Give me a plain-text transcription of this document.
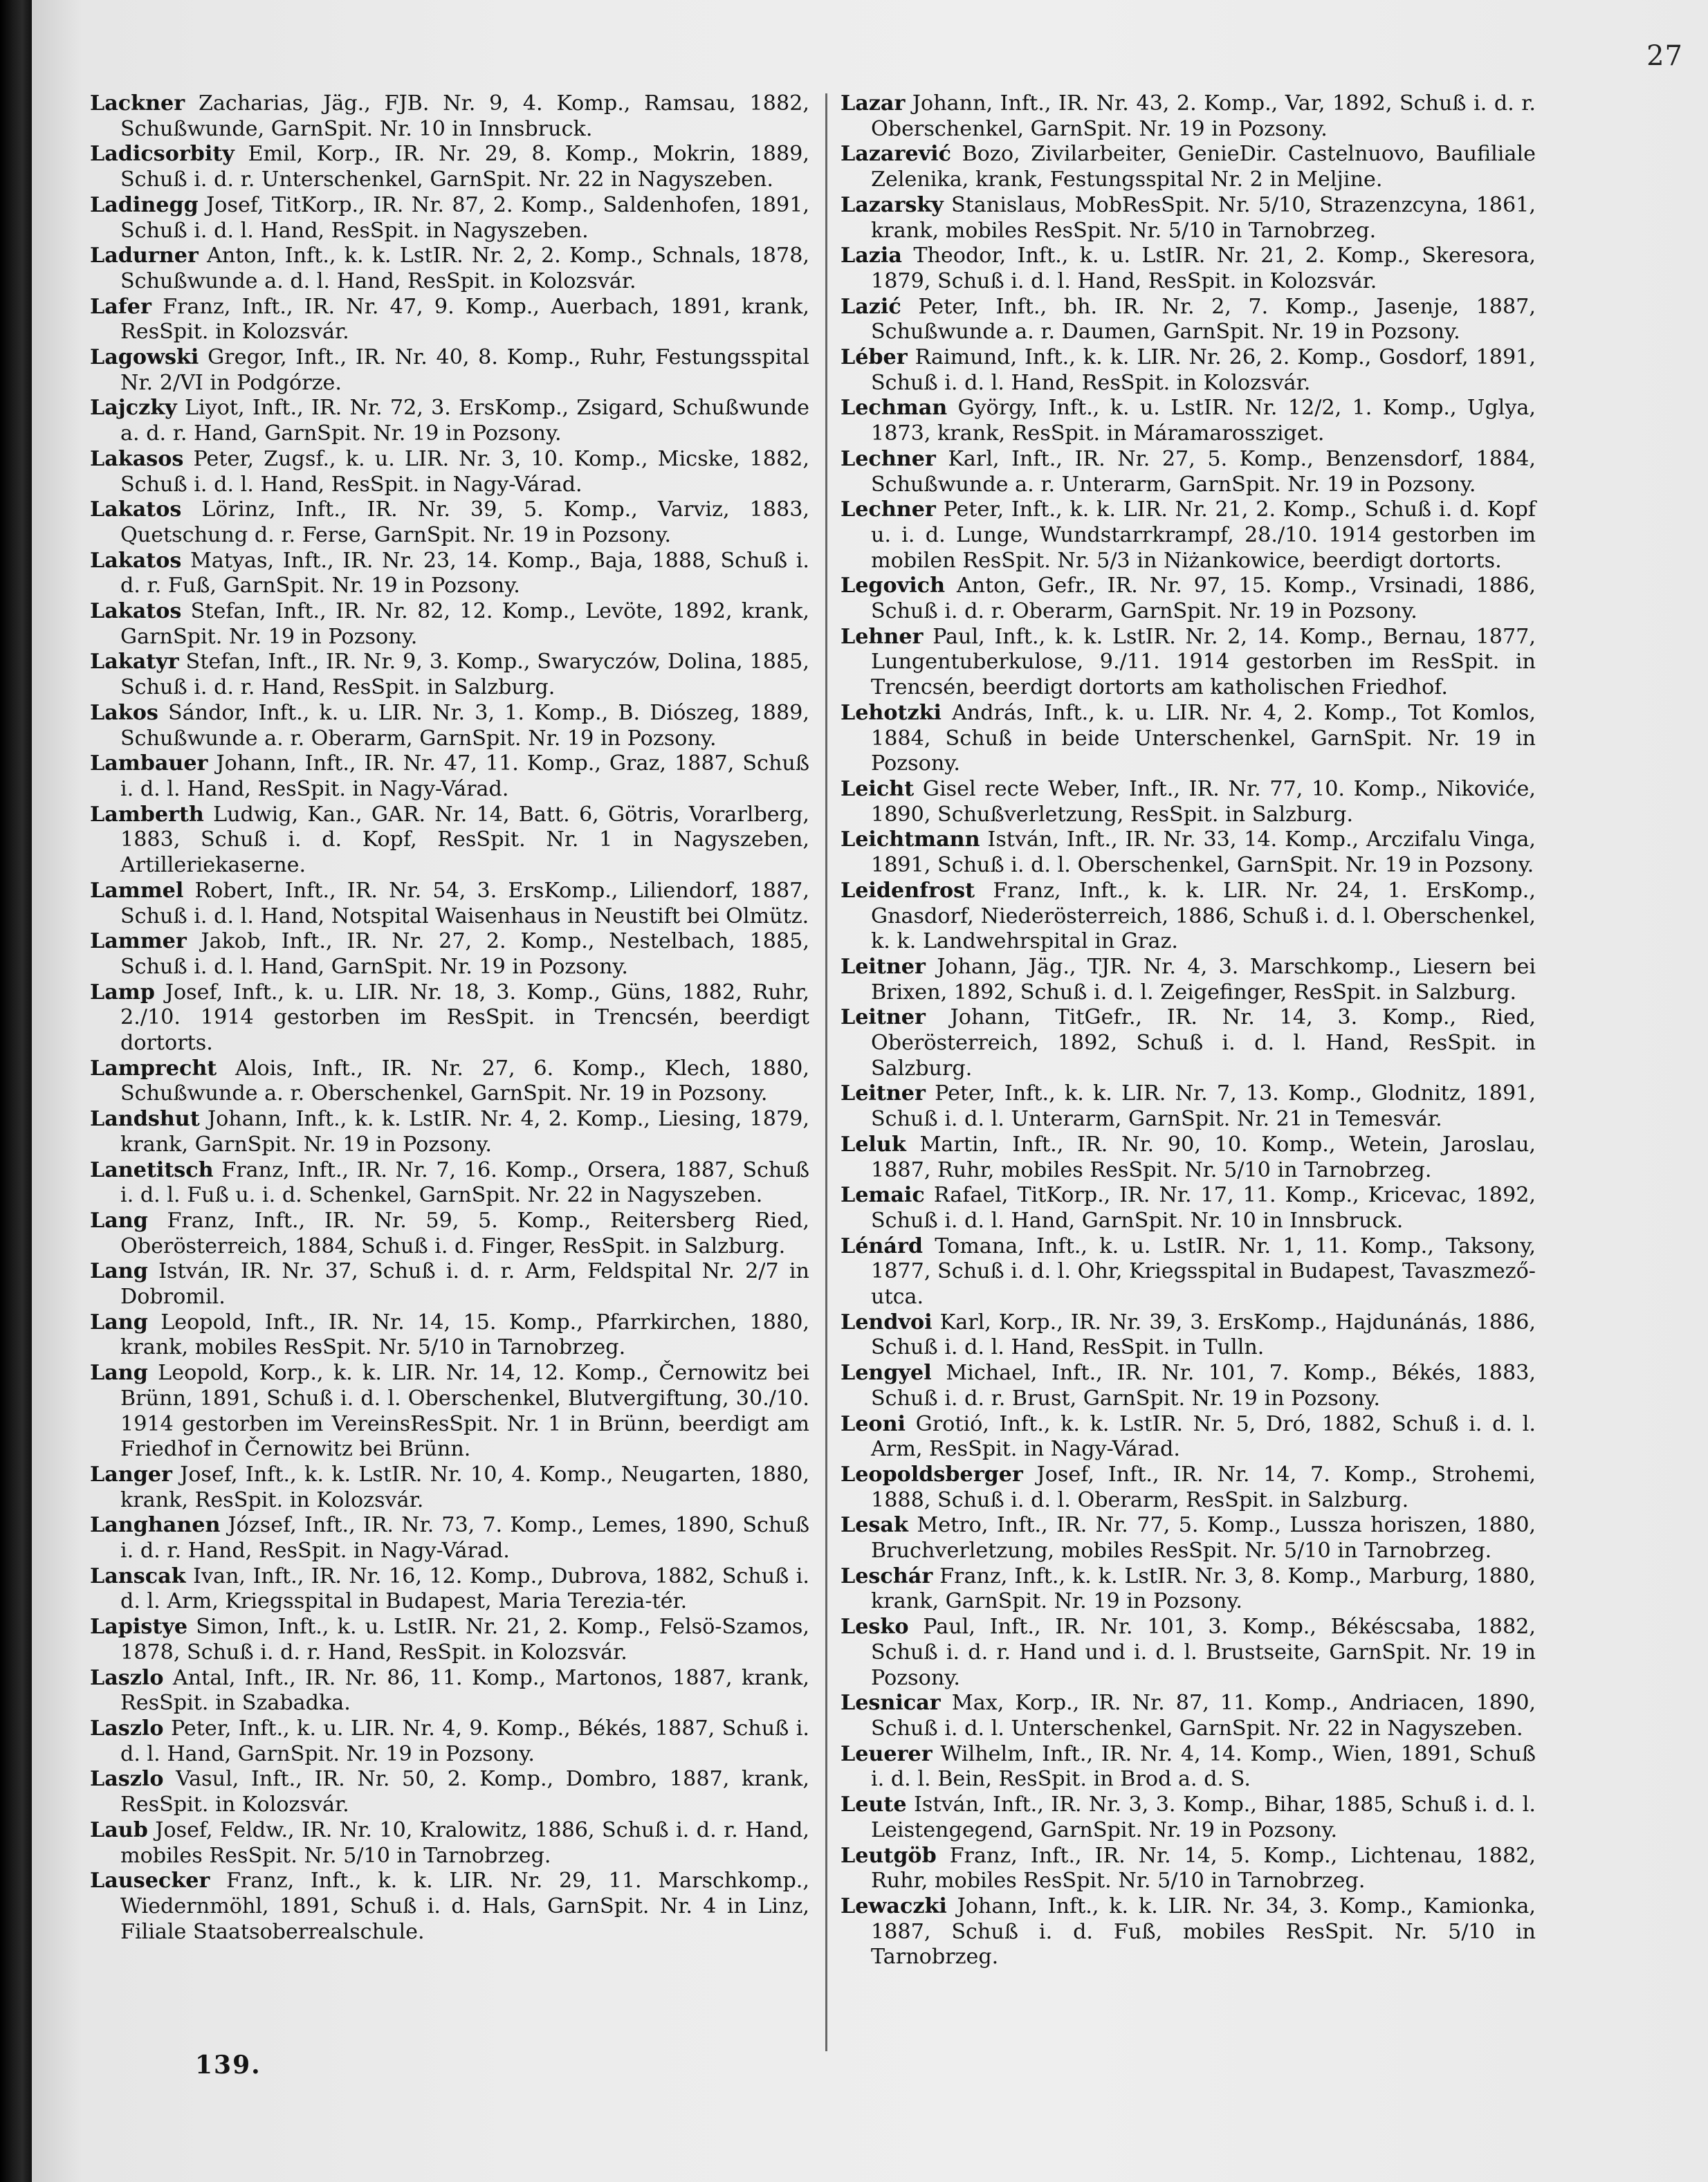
27

Lackner Zacharias, Jäg., FJB. Nr. 9, 4. Komp., Ramsau, 1882, Schußwunde, GarnSpit. Nr. 10 in Innsbruck.

Ladicsorbity Emil, Korp., IR. Nr. 29, 8. Komp., Mokrin, 1889, Schuß i. d. r. Unterschenkel, GarnSpit. Nr. 22 in Nagyszeben.

Ladinegg Josef, TitKorp., IR. Nr. 87, 2. Komp., Saldenhofen, 1891, Schuß i. d. l. Hand, ResSpit. in Nagyszeben.

Ladurner Anton, Inft., k. k. LstIR. Nr. 2, 2. Komp., Schnals, 1878, Schußwunde a. d. l. Hand, ResSpit. in Kolozsvár.

Lafer Franz, Inft., IR. Nr. 47, 9. Komp., Auerbach, 1891, krank, ResSpit. in Kolozsvár.

Lagowski Gregor, Inft., IR. Nr. 40, 8. Komp., Ruhr, Festungsspital Nr. 2/VI in Podgórze.

Lajczky Liyot, Inft., IR. Nr. 72, 3. ErsKomp., Zsigard, Schußwunde a. d. r. Hand, GarnSpit. Nr. 19 in Pozsony.

Lakasos Peter, Zugsf., k. u. LIR. Nr. 3, 10. Komp., Micske, 1882, Schuß i. d. l. Hand, ResSpit. in Nagy-Várad.

Lakatos Lörinz, Inft., IR. Nr. 39, 5. Komp., Varviz, 1883, Quetschung d. r. Ferse, GarnSpit. Nr. 19 in Pozsony.

Lakatos Matyas, Inft., IR. Nr. 23, 14. Komp., Baja, 1888, Schuß i. d. r. Fuß, GarnSpit. Nr. 19 in Pozsony.

Lakatos Stefan, Inft., IR. Nr. 82, 12. Komp., Levöte, 1892, krank, GarnSpit. Nr. 19 in Pozsony.

Lakatyr Stefan, Inft., IR. Nr. 9, 3. Komp., Swaryczów, Dolina, 1885, Schuß i. d. r. Hand, ResSpit. in Salzburg.

Lakos Sándor, Inft., k. u. LIR. Nr. 3, 1. Komp., B. Diószeg, 1889, Schußwunde a. r. Oberarm, GarnSpit. Nr. 19 in Pozsony.

Lambauer Johann, Inft., IR. Nr. 47, 11. Komp., Graz, 1887, Schuß i. d. l. Hand, ResSpit. in Nagy-Várad.

Lamberth Ludwig, Kan., GAR. Nr. 14, Batt. 6, Götris, Vorarlberg, 1883, Schuß i. d. Kopf, ResSpit. Nr. 1 in Nagyszeben, Artilleriekaserne.

Lammel Robert, Inft., IR. Nr. 54, 3. ErsKomp., Liliendorf, 1887, Schuß i. d. l. Hand, Notspital Waisenhaus in Neustift bei Olmütz.

Lammer Jakob, Inft., IR. Nr. 27, 2. Komp., Nestelbach, 1885, Schuß i. d. l. Hand, GarnSpit. Nr. 19 in Pozsony.

Lamp Josef, Inft., k. u. LIR. Nr. 18, 3. Komp., Güns, 1882, Ruhr, 2./10. 1914 gestorben im ResSpit. in Trencsén, beerdigt dortorts.

Lamprecht Alois, Inft., IR. Nr. 27, 6. Komp., Klech, 1880, Schußwunde a. r. Oberschenkel, GarnSpit. Nr. 19 in Pozsony.

Landshut Johann, Inft., k. k. LstIR. Nr. 4, 2. Komp., Liesing, 1879, krank, GarnSpit. Nr. 19 in Pozsony.

Lanetitsch Franz, Inft., IR. Nr. 7, 16. Komp., Orsera, 1887, Schuß i. d. l. Fuß u. i. d. Schenkel, GarnSpit. Nr. 22 in Nagyszeben.

Lang Franz, Inft., IR. Nr. 59, 5. Komp., Reitersberg Ried, Oberösterreich, 1884, Schuß i. d. Finger, ResSpit. in Salzburg.

Lang István, IR. Nr. 37, Schuß i. d. r. Arm, Feldspital Nr. 2/7 in Dobromil.

Lang Leopold, Inft., IR. Nr. 14, 15. Komp., Pfarrkirchen, 1880, krank, mobiles ResSpit. Nr. 5/10 in Tarnobrzeg.

Lang Leopold, Korp., k. k. LIR. Nr. 14, 12. Komp., Černowitz bei Brünn, 1891, Schuß i. d. l. Oberschenkel, Blutvergiftung, 30./10. 1914 gestorben im VereinsResSpit. Nr. 1 in Brünn, beerdigt am Friedhof in Černowitz bei Brünn.

Langer Josef, Inft., k. k. LstIR. Nr. 10, 4. Komp., Neugarten, 1880, krank, ResSpit. in Kolozsvár.

Langhanen József, Inft., IR. Nr. 73, 7. Komp., Lemes, 1890, Schuß i. d. r. Hand, ResSpit. in Nagy-Várad.

Lanscak Ivan, Inft., IR. Nr. 16, 12. Komp., Dubrova, 1882, Schuß i. d. l. Arm, Kriegsspital in Budapest, Maria Terezia-tér.

Lapistye Simon, Inft., k. u. LstIR. Nr. 21, 2. Komp., Felsö-Szamos, 1878, Schuß i. d. r. Hand, ResSpit. in Kolozsvár.

Laszlo Antal, Inft., IR. Nr. 86, 11. Komp., Martonos, 1887, krank, ResSpit. in Szabadka.

Laszlo Peter, Inft., k. u. LIR. Nr. 4, 9. Komp., Békés, 1887, Schuß i. d. l. Hand, GarnSpit. Nr. 19 in Pozsony.

Laszlo Vasul, Inft., IR. Nr. 50, 2. Komp., Dombro, 1887, krank, ResSpit. in Kolozsvár.

Laub Josef, Feldw., IR. Nr. 10, Kralowitz, 1886, Schuß i. d. r. Hand, mobiles ResSpit. Nr. 5/10 in Tarnobrzeg.

Lausecker Franz, Inft., k. k. LIR. Nr. 29, 11. Marschkomp., Wiedernmöhl, 1891, Schuß i. d. Hals, GarnSpit. Nr. 4 in Linz, Filiale Staatsoberrealschule.

Lazar Johann, Inft., IR. Nr. 43, 2. Komp., Var, 1892, Schuß i. d. r. Oberschenkel, GarnSpit. Nr. 19 in Pozsony.

Lazarević Bozo, Zivilarbeiter, GenieDir. Castelnuovo, Baufiliale Zelenika, krank, Festungsspital Nr. 2 in Meljine.

Lazarsky Stanislaus, MobResSpit. Nr. 5/10, Strazenzcyna, 1861, krank, mobiles ResSpit. Nr. 5/10 in Tarnobrzeg.

Lazia Theodor, Inft., k. u. LstIR. Nr. 21, 2. Komp., Skeresora, 1879, Schuß i. d. l. Hand, ResSpit. in Kolozsvár.

Lazić Peter, Inft., bh. IR. Nr. 2, 7. Komp., Jasenje, 1887, Schußwunde a. r. Daumen, GarnSpit. Nr. 19 in Pozsony.

Léber Raimund, Inft., k. k. LIR. Nr. 26, 2. Komp., Gosdorf, 1891, Schuß i. d. l. Hand, ResSpit. in Kolozsvár.

Lechman György, Inft., k. u. LstIR. Nr. 12/2, 1. Komp., Uglya, 1873, krank, ResSpit. in Máramarossziget.

Lechner Karl, Inft., IR. Nr. 27, 5. Komp., Benzensdorf, 1884, Schußwunde a. r. Unterarm, GarnSpit. Nr. 19 in Pozsony.

Lechner Peter, Inft., k. k. LIR. Nr. 21, 2. Komp., Schuß i. d. Kopf u. i. d. Lunge, Wundstarrkrampf, 28./10. 1914 gestorben im mobilen ResSpit. Nr. 5/3 in Niżankowice, beerdigt dortorts.

Legovich Anton, Gefr., IR. Nr. 97, 15. Komp., Vrsinadi, 1886, Schuß i. d. r. Oberarm, GarnSpit. Nr. 19 in Pozsony.

Lehner Paul, Inft., k. k. LstIR. Nr. 2, 14. Komp., Bernau, 1877, Lungentuberkulose, 9./11. 1914 gestorben im ResSpit. in Trencsén, beerdigt dortorts am katholischen Friedhof.

Lehotzki András, Inft., k. u. LIR. Nr. 4, 2. Komp., Tot Komlos, 1884, Schuß in beide Unterschenkel, GarnSpit. Nr. 19 in Pozsony.

Leicht Gisel recte Weber, Inft., IR. Nr. 77, 10. Komp., Nikoviće, 1890, Schußverletzung, ResSpit. in Salzburg.

Leichtmann István, Inft., IR. Nr. 33, 14. Komp., Arczifalu Vinga, 1891, Schuß i. d. l. Oberschenkel, GarnSpit. Nr. 19 in Pozsony.

Leidenfrost Franz, Inft., k. k. LIR. Nr. 24, 1. ErsKomp., Gnasdorf, Niederösterreich, 1886, Schuß i. d. l. Oberschenkel, k. k. Landwehrspital in Graz.

Leitner Johann, Jäg., TJR. Nr. 4, 3. Marschkomp., Liesern bei Brixen, 1892, Schuß i. d. l. Zeigefinger, ResSpit. in Salzburg.

Leitner Johann, TitGefr., IR. Nr. 14, 3. Komp., Ried, Oberösterreich, 1892, Schuß i. d. l. Hand, ResSpit. in Salzburg.

Leitner Peter, Inft., k. k. LIR. Nr. 7, 13. Komp., Glodnitz, 1891, Schuß i. d. l. Unterarm, GarnSpit. Nr. 21 in Temesvár.

Leluk Martin, Inft., IR. Nr. 90, 10. Komp., Wetein, Jaroslau, 1887, Ruhr, mobiles ResSpit. Nr. 5/10 in Tarnobrzeg.

Lemaic Rafael, TitKorp., IR. Nr. 17, 11. Komp., Kricevac, 1892, Schuß i. d. l. Hand, GarnSpit. Nr. 10 in Innsbruck.

Lénárd Tomana, Inft., k. u. LstIR. Nr. 1, 11. Komp., Taksony, 1877, Schuß i. d. l. Ohr, Kriegsspital in Budapest, Tavaszmező-utca.

Lendvoi Karl, Korp., IR. Nr. 39, 3. ErsKomp., Hajdunánás, 1886, Schuß i. d. l. Hand, ResSpit. in Tulln.

Lengyel Michael, Inft., IR. Nr. 101, 7. Komp., Békés, 1883, Schuß i. d. r. Brust, GarnSpit. Nr. 19 in Pozsony.

Leoni Grotió, Inft., k. k. LstIR. Nr. 5, Dró, 1882, Schuß i. d. l. Arm, ResSpit. in Nagy-Várad.

Leopoldsberger Josef, Inft., IR. Nr. 14, 7. Komp., Strohemi, 1888, Schuß i. d. l. Oberarm, ResSpit. in Salzburg.

Lesak Metro, Inft., IR. Nr. 77, 5. Komp., Lussza horiszen, 1880, Bruchverletzung, mobiles ResSpit. Nr. 5/10 in Tarnobrzeg.

Leschár Franz, Inft., k. k. LstIR. Nr. 3, 8. Komp., Marburg, 1880, krank, GarnSpit. Nr. 19 in Pozsony.

Lesko Paul, Inft., IR. Nr. 101, 3. Komp., Békéscsaba, 1882, Schuß i. d. r. Hand und i. d. l. Brustseite, GarnSpit. Nr. 19 in Pozsony.

Lesnicar Max, Korp., IR. Nr. 87, 11. Komp., Andriacen, 1890, Schuß i. d. l. Unterschenkel, GarnSpit. Nr. 22 in Nagyszeben.

Leuerer Wilhelm, Inft., IR. Nr. 4, 14. Komp., Wien, 1891, Schuß i. d. l. Bein, ResSpit. in Brod a. d. S.

Leute István, Inft., IR. Nr. 3, 3. Komp., Bihar, 1885, Schuß i. d. l. Leistengegend, GarnSpit. Nr. 19 in Pozsony.

Leutgöb Franz, Inft., IR. Nr. 14, 5. Komp., Lichtenau, 1882, Ruhr, mobiles ResSpit. Nr. 5/10 in Tarnobrzeg.

Lewaczki Johann, Inft., k. k. LIR. Nr. 34, 3. Komp., Kamionka, 1887, Schuß i. d. Fuß, mobiles ResSpit. Nr. 5/10 in Tarnobrzeg.

139.
